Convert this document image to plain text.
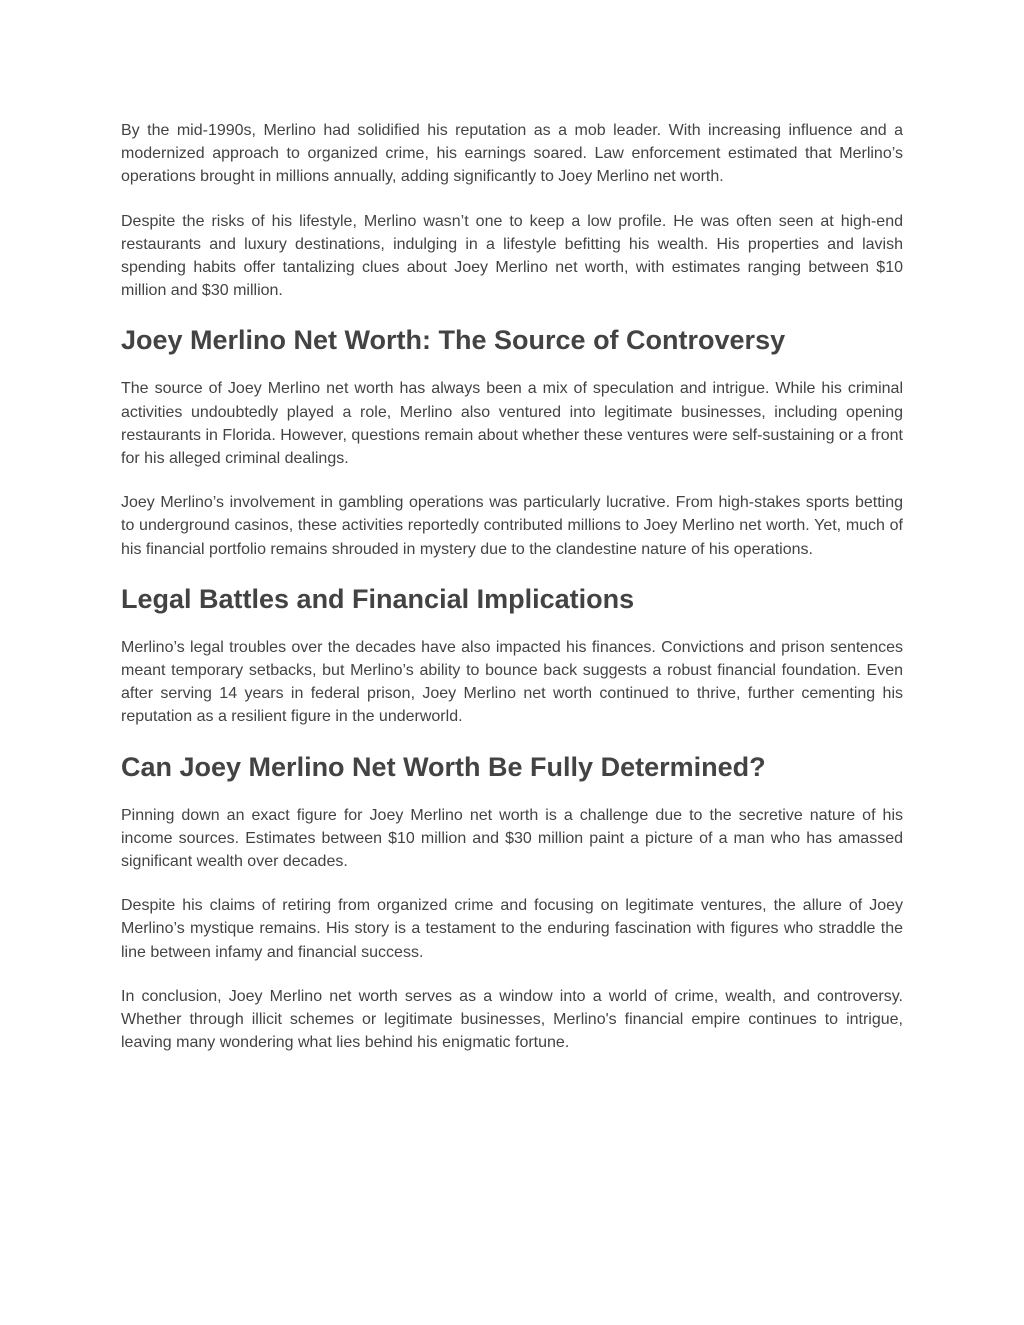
By the mid-1990s, Merlino had solidified his reputation as a mob leader. With increasing influence and a modernized approach to organized crime, his earnings soared. Law enforcement estimated that Merlino’s operations brought in millions annually, adding significantly to Joey Merlino net worth.

Despite the risks of his lifestyle, Merlino wasn’t one to keep a low profile. He was often seen at high-end restaurants and luxury destinations, indulging in a lifestyle befitting his wealth. His properties and lavish spending habits offer tantalizing clues about Joey Merlino net worth, with estimates ranging between $10 million and $30 million.

Joey Merlino Net Worth: The Source of Controversy

The source of Joey Merlino net worth has always been a mix of speculation and intrigue. While his criminal activities undoubtedly played a role, Merlino also ventured into legitimate businesses, including opening restaurants in Florida. However, questions remain about whether these ventures were self-sustaining or a front for his alleged criminal dealings.

Joey Merlino’s involvement in gambling operations was particularly lucrative. From high-stakes sports betting to underground casinos, these activities reportedly contributed millions to Joey Merlino net worth. Yet, much of his financial portfolio remains shrouded in mystery due to the clandestine nature of his operations.

Legal Battles and Financial Implications

Merlino’s legal troubles over the decades have also impacted his finances. Convictions and prison sentences meant temporary setbacks, but Merlino’s ability to bounce back suggests a robust financial foundation. Even after serving 14 years in federal prison, Joey Merlino net worth continued to thrive, further cementing his reputation as a resilient figure in the underworld.

Can Joey Merlino Net Worth Be Fully Determined?

Pinning down an exact figure for Joey Merlino net worth is a challenge due to the secretive nature of his income sources. Estimates between $10 million and $30 million paint a picture of a man who has amassed significant wealth over decades.

Despite his claims of retiring from organized crime and focusing on legitimate ventures, the allure of Joey Merlino’s mystique remains. His story is a testament to the enduring fascination with figures who straddle the line between infamy and financial success.

In conclusion, Joey Merlino net worth serves as a window into a world of crime, wealth, and controversy. Whether through illicit schemes or legitimate businesses, Merlino's financial empire continues to intrigue, leaving many wondering what lies behind his enigmatic fortune.
